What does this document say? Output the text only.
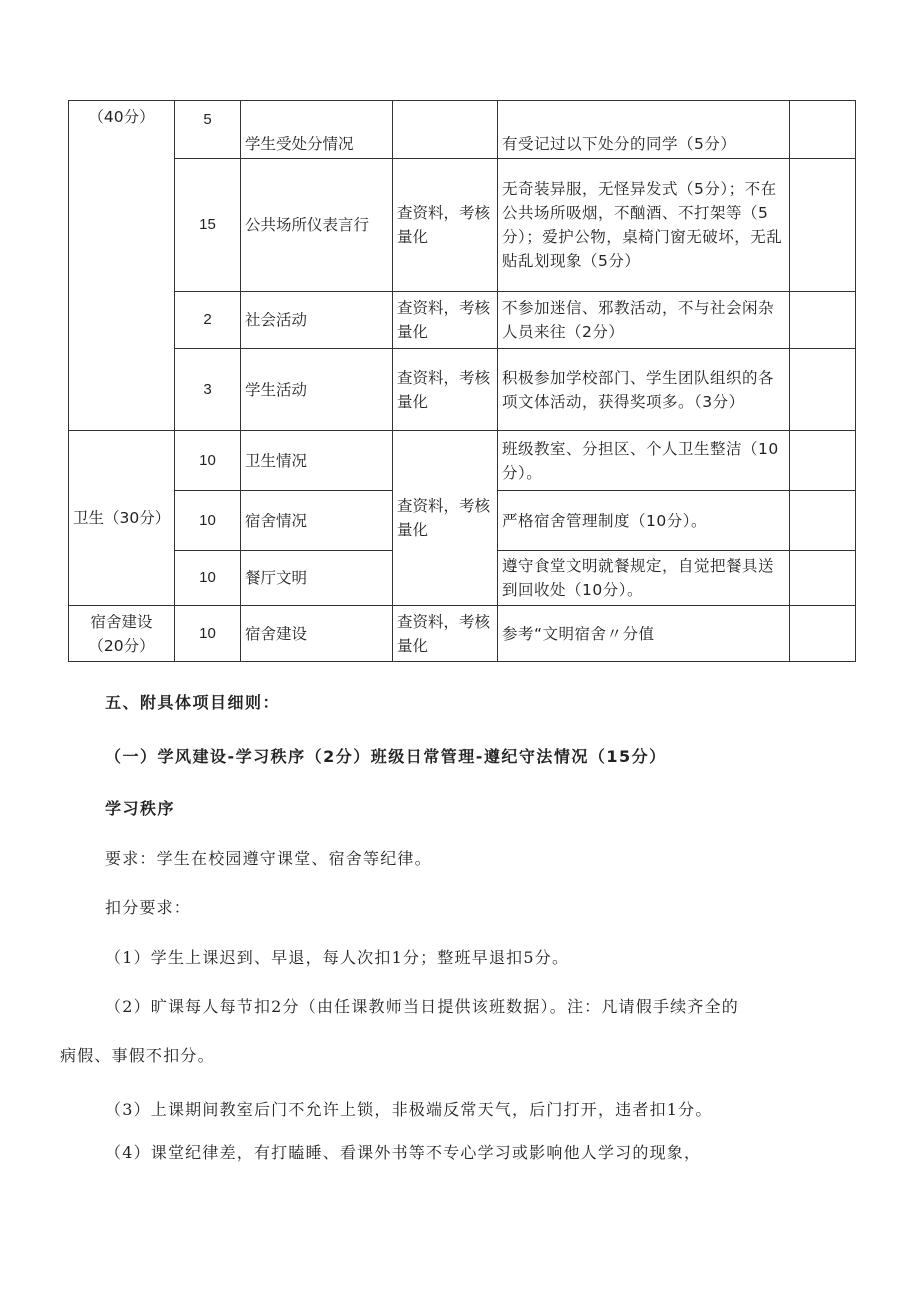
（40分）	5	学生受处分情况		有受记过以下处分的同学（5分）	
	15	公共场所仪表言行	查资料，考核量化	无奇装异服，无怪异发式（5分）；不在公共场所吸烟，不酗酒、不打架等（5分）；爱护公物，桌椅门窗无破坏，无乱贴乱划现象（5分）	
	2	社会活动	查资料，考核量化	不参加迷信、邪教活动，不与社会闲杂人员来往（2分）	
	3	学生活动	查资料，考核量化	积极参加学校部门、学生团队组织的各项文体活动，获得奖项多。（3分）	
卫生（30分）	10	卫生情况	查资料，考核量化	班级教室、分担区、个人卫生整洁（10分）。	
	10	宿舍情况		严格宿舍管理制度（10分）。	
	10	餐厅文明		遵守食堂文明就餐规定，自觉把餐具送到回收处（10分）。	
宿舍建设（20分）	10	宿舍建设	查资料，考核量化	参考“文明宿舍〃分值	
五、附具体项目细则：
（一）学风建设-学习秩序（2分）班级日常管理-遵纪守法情况（15分）
学习秩序
要求：学生在校园遵守课堂、宿舍等纪律。
扣分要求：
（1）学生上课迟到、早退，每人次扣1分；整班早退扣5分。
（2）旷课每人每节扣2分（由任课教师当日提供该班数据）。注：凡请假手续齐全的
病假、事假不扣分。
（3）上课期间教室后门不允许上锁，非极端反常天气，后门打开，违者扣1分。
（4）课堂纪律差，有打瞌睡、看课外书等不专心学习或影响他人学习的现象，
